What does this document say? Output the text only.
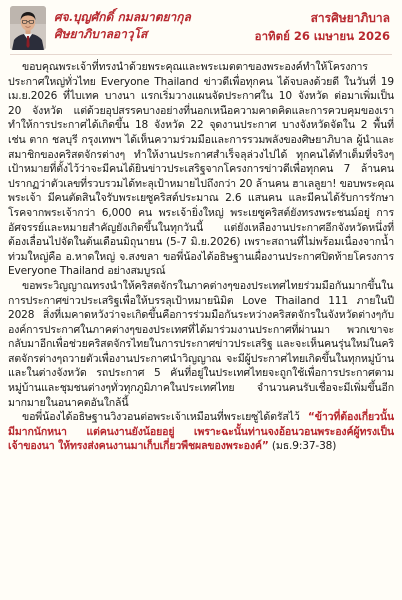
ศจ.บุญศักดิ์ กมลมาตยากุล
ศิษยาภิบาลอาวุโส
สารศิษยาภิบาล
อาทิตย์ 26 เมษายน 2026

ขอบคุณพระเจ้าที่ทรงนำด้วยพระคุณและพระเมตตาของพระองค์ทำให้โครงการประกาศใหญ่ทั่วไทย Everyone Thailand ข่าวดีเพื่อทุกคน ได้จบลงด้วยดี ในวันที่ 19 เม.ย.2026 ที่ไบเทค บางนา แรกเริ่มวางแผนจัดประกาศใน 10 จังหวัด ต่อมาเพิ่มเป็น 20 จังหวัด แต่ด้วยอุปสรรคบางอย่างที่นอกเหนือความคาดคิดและการควบคุมของเราทำให้การประกาศได้เกิดขึ้น 18 จังหวัด 22 จุดงานประกาศ บางจังหวัดจัดใน 2 พื้นที่ เช่น ตาก ชลบุรี กรุงเทพฯ ได้เห็นความร่วมมือและการรวมพลังของศิษยาภิบาล ผู้นำและสมาชิกของคริสตจักรต่างๆ ทำให้งานประกาศสำเร็จลุล่วงไปได้ ทุกคนได้ทำเต็มที่จริงๆ เป้าหมายที่ตั้งไว้ว่าจะมีคนได้ยินข่าวประเสริฐจากโครงการข่าวดีเพื่อทุกคน 7 ล้านคน ปรากฏว่าตัวเลขที่รวบรวมได้ทะลุเป้าหมายไปถึงกว่า 20 ล้านคน ฮาเลลูยา! ขอบพระคุณพระเจ้า มีคนตัดสินใจรับพระเยซูคริสต์ประมาณ 2.6 แสนคน และมีคนได้รับการรักษาโรคจากพระเจ้ากว่า 6,000 คน พระเจ้ายิ่งใหญ่ พระเยซูคริสต์ยังทรงพระชนม์อยู่ การอัศจรรย์และหมายสำคัญยังเกิดขึ้นในทุกวันนี้ แต่ยังเหลืองานประกาศอีกจังหวัดหนึ่งที่ต้องเลื่อนไปจัดในต้นเดือนมิถุนายน (5-7 มิ.ย.2026) เพราะสถานที่ไม่พร้อมเนื่องจากน้ำท่วมใหญ่คือ อ.หาดใหญ่ จ.สงขลา ขอพี่น้องได้อธิษฐานเผื่องานประกาศปิดท้ายโครงการ Everyone Thailand อย่างสมบูรณ์

ขอพระวิญญาณทรงนำให้คริสตจักรในภาคต่างๆของประเทศไทยร่วมมือกันมากขึ้นในการประกาศข่าวประเสริฐเพื่อให้บรรลุเป้าหมายนิมิต Love Thailand 111 ภายในปี 2028 สิ่งที่เมคาดหวังว่าจะเกิดขึ้นคือการร่วมมือกันระหว่างคริสตจักรในจังหวัดต่างๆกับองค์การประกาศในภาคต่างๆของประเทศที่ได้มาร่วมงานประกาศที่ผ่านมา พวกเขาจะกลับมาอีกเพื่อช่วยคริสตจักรไทยในการประกาศข่าวประเสริฐ และจะเห็นคนรุ่นใหม่ในคริสตจักรต่างๆถวายตัวเพื่องานประกาศนำวิญญาณ จะมีผู้ประกาศไทยเกิดขึ้นในทุกหมู่บ้าน และในต่างจังหวัด รถประกาศ 5 คันที่อยู่ในประเทศไทยจะถูกใช้เพื่อการประกาศตามหมู่บ้านและชุมชนต่างๆทั่วทุกภูมิภาคในประเทศไทย จำนวนคนรับเชื่อจะมีเพิ่มขึ้นอีกมากมายในอนาคตอันใกล้นี้

ขอพี่น้องได้อธิษฐานวิงวอนต่อพระเจ้าเหมือนที่พระเยซูได้ตรัสไว้ “ข้าวที่ต้องเกี่ยวนั้นมีมากนักหนา แต่คนงานยังน้อยอยู่ เพราะฉะนั้นท่านจงอ้อนวอนพระองค์ผู้ทรงเป็นเจ้าของนา ให้ทรงส่งคนงานมาเก็บเกี่ยวพืชผลของพระองค์” (มธ.9:37-38)
